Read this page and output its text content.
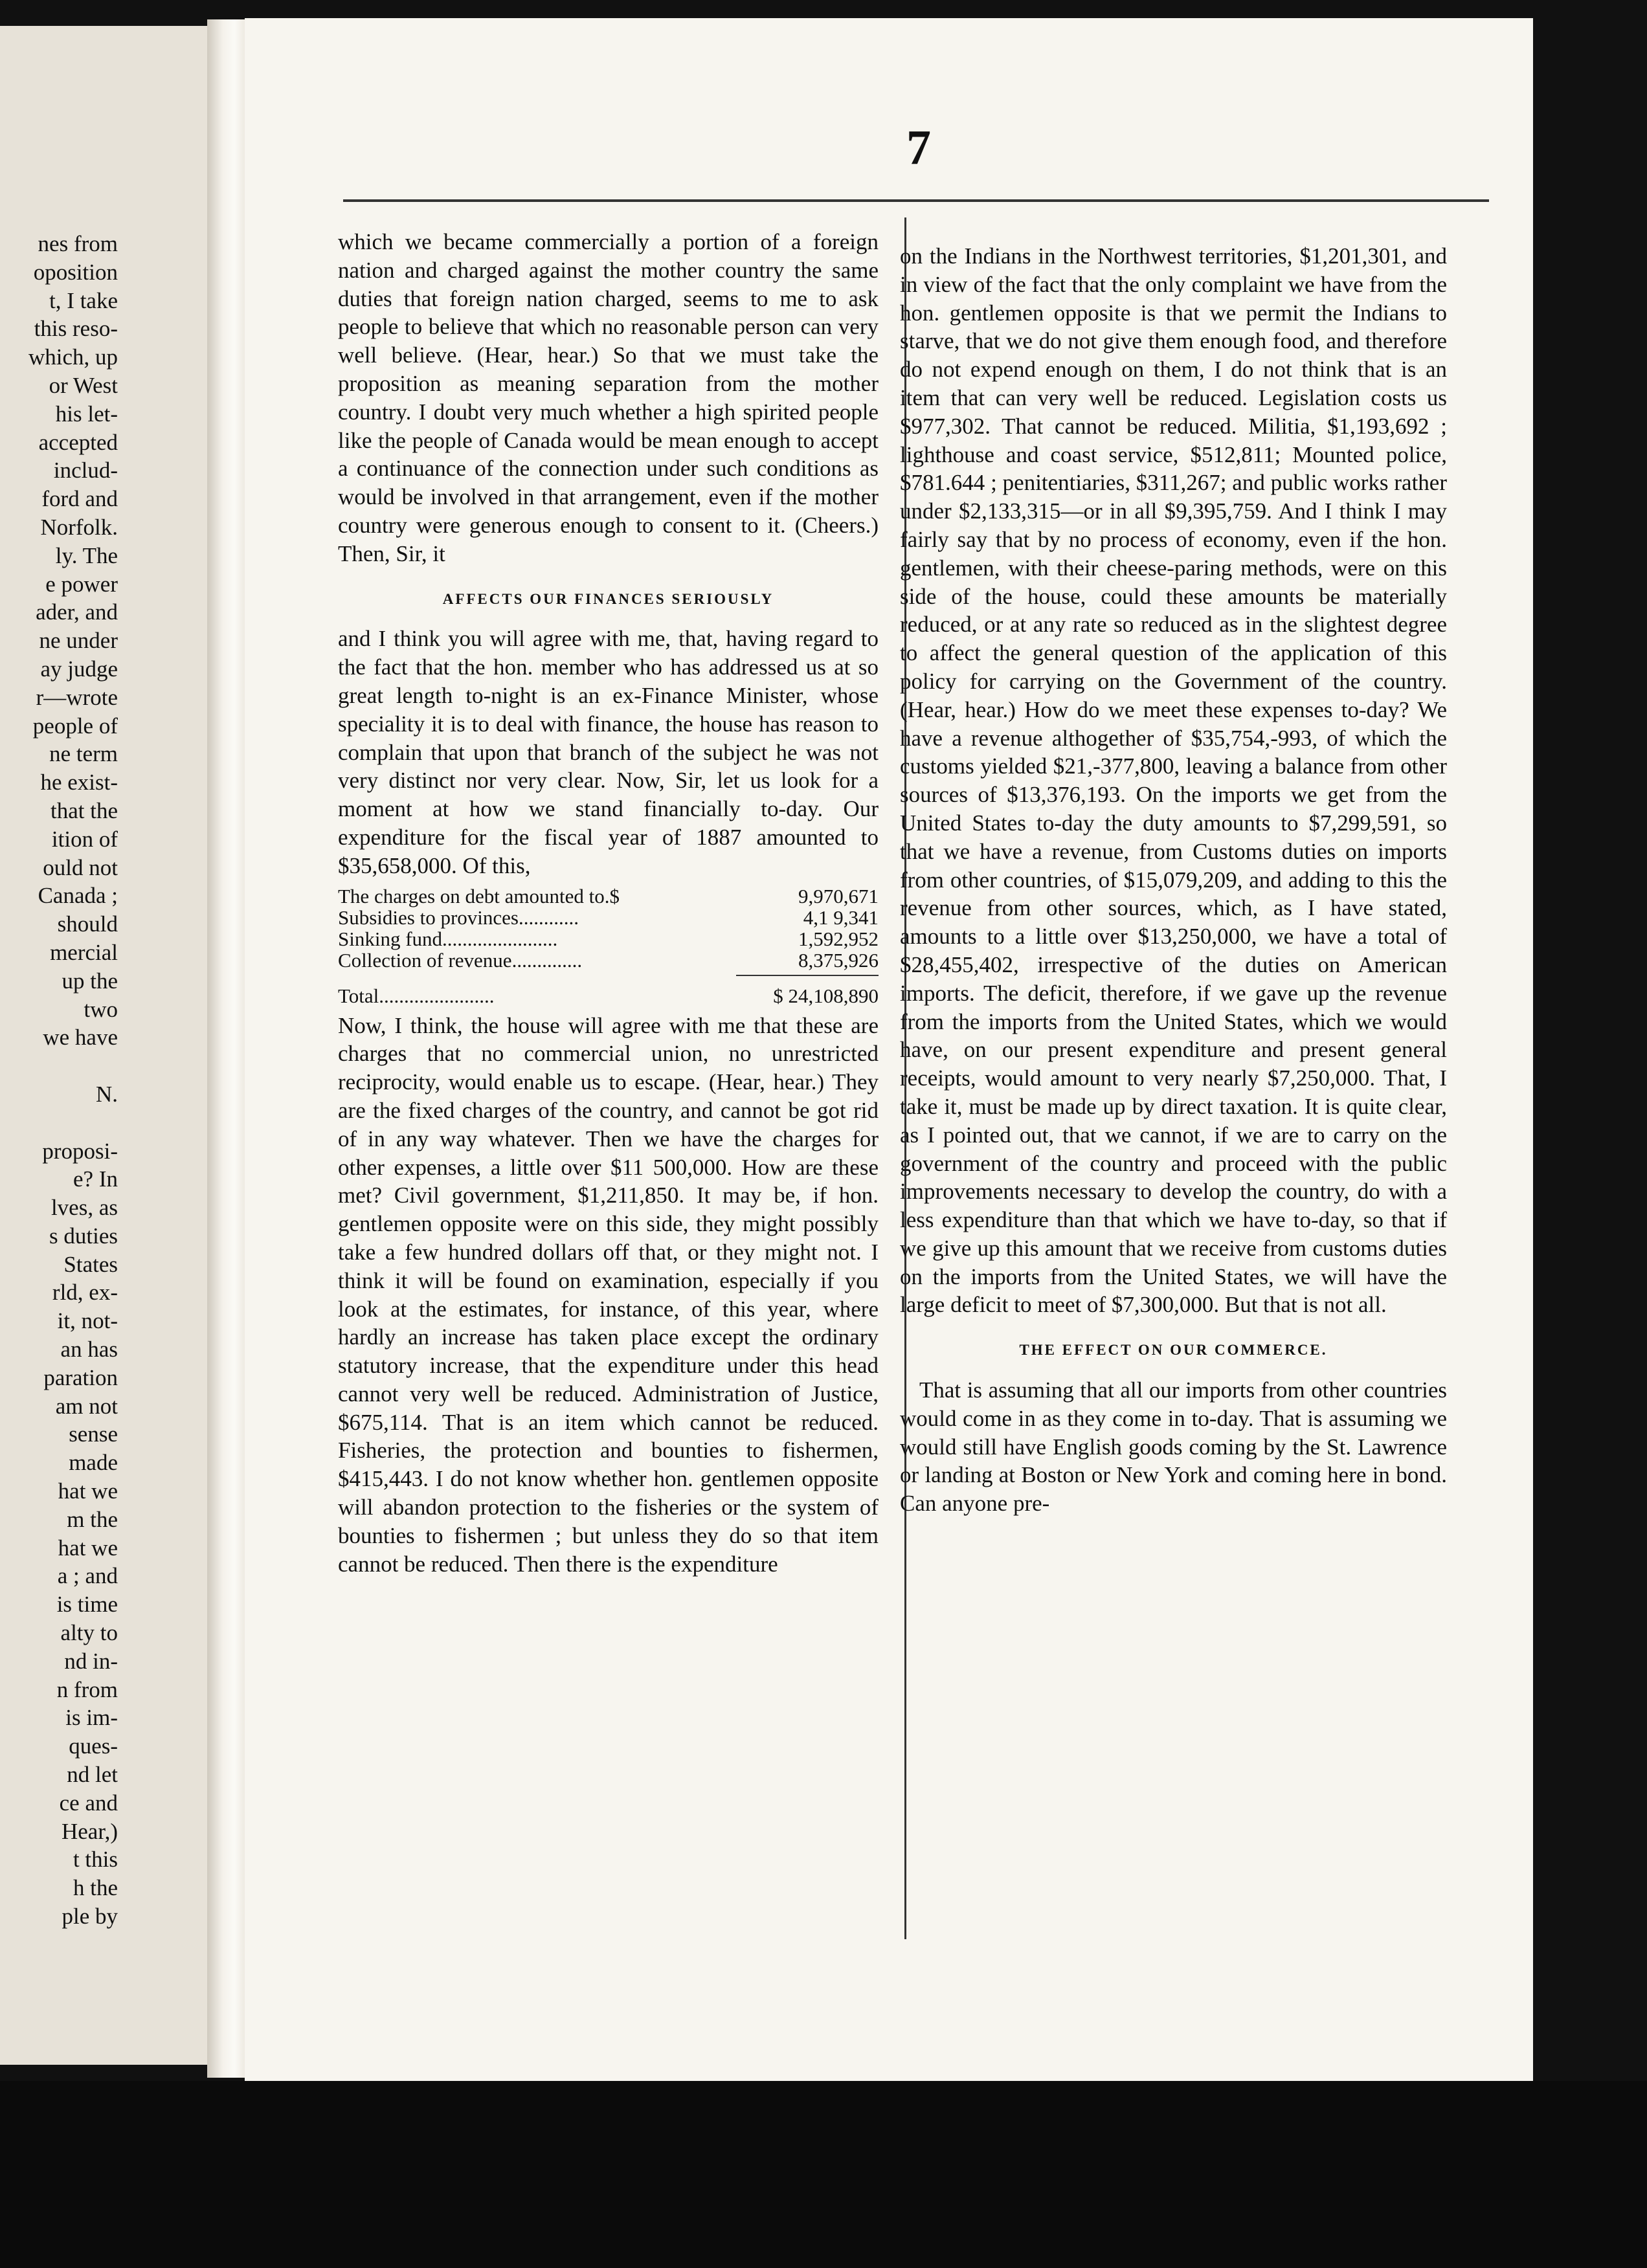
nes from
oposition
t, I take
this reso-
which, up
or West
his let-
accepted
includ-
ford and
Norfolk.
ly. The
e power
ader, and
ne under
ay judge
r—wrote
people of
ne term
he exist-
that the
ition of
ould not
Canada ;
should
mercial
up the
two
we have

N.

proposi-
e? In
lves, as
s duties
States
rld, ex-
it, not-
an has
paration
am not
sense
made
hat we
m the
hat we
a ; and
is time
alty to
nd in-
n from
is im-
ques-
nd let
ce and
Hear,)
t this
h the
ple by
7

which we became commercially a portion of a foreign nation and charged against the mother country the same duties that foreign nation charged, seems to me to ask people to believe that which no reasonable person can very well believe. (Hear, hear.) So that we must take the proposition as meaning separation from the mother country. I doubt very much whether a high spirited people like the people of Canada would be mean enough to accept a continuance of the connection under such conditions as would be involved in that arrangement, even if the mother country were generous enough to consent to it. (Cheers.) Then, Sir, it

AFFECTS OUR FINANCES SERIOUSLY

and I think you will agree with me, that, having regard to the fact that the hon. member who has addressed us at so great length to-night is an ex-Finance Minister, whose speciality it is to deal with finance, the house has reason to complain that upon that branch of the subject he was not very distinct nor very clear. Now, Sir, let us look for a moment at how we stand financially to-day. Our expenditure for the fiscal year of 1887 amounted to $35,658,000. Of this,

The charges on debt amounted to.$	9,970,671
Subsidies to provinces............	4,1 9,341
Sinking fund.......................	1,592,952
Collection of revenue..............	8,375,926
Total.......................	$ 24,108,890

Now, I think, the house will agree with me that these are charges that no commercial union, no unrestricted reciprocity, would enable us to escape. (Hear, hear.) They are the fixed charges of the country, and cannot be got rid of in any way whatever. Then we have the charges for other expenses, a little over $11 500,000. How are these met? Civil government, $1,211,850. It may be, if hon. gentlemen opposite were on this side, they might possibly take a few hundred dollars off that, or they might not. I think it will be found on examination, especially if you look at the estimates, for instance, of this year, where hardly an increase has taken place except the ordinary statutory increase, that the expenditure under this head cannot very well be reduced. Administration of Justice, $675,114. That is an item which cannot be reduced. Fisheries, the protection and bounties to fishermen, $415,443. I do not know whether hon. gentlemen opposite will abandon protection to the fisheries or the system of bounties to fishermen ; but unless they do so that item cannot be reduced. Then there is the expenditure

on the Indians in the Northwest territories, $1,201,301, and in view of the fact that the only complaint we have from the hon. gentlemen opposite is that we permit the Indians to starve, that we do not give them enough food, and therefore do not expend enough on them, I do not think that is an item that can very well be reduced. Legislation costs us $977,302. That cannot be reduced. Militia, $1,193,692 ; lighthouse and coast service, $512,811; Mounted police, $781.644 ; penitentiaries, $311,267; and public works rather under $2,133,315—or in all $9,395,759. And I think I may fairly say that by no process of economy, even if the hon. gentlemen, with their cheese-paring methods, were on this side of the house, could these amounts be materially reduced, or at any rate so reduced as in the slightest degree to affect the general question of the application of this policy for carrying on the Government of the country. (Hear, hear.) How do we meet these expenses to-day? We have a revenue althogether of $35,754,-993, of which the customs yielded $21,-377,800, leaving a balance from other sources of $13,376,193. On the imports we get from the United States to-day the duty amounts to $7,299,591, so that we have a revenue, from Customs duties on imports from other countries, of $15,079,209, and adding to this the revenue from other sources, which, as I have stated, amounts to a little over $13,250,000, we have a total of $28,455,402, irrespective of the duties on American imports. The deficit, therefore, if we gave up the revenue from the imports from the United States, which we would have, on our present expenditure and present general receipts, would amount to very nearly $7,250,000. That, I take it, must be made up by direct taxation. It is quite clear, as I pointed out, that we cannot, if we are to carry on the government of the country and proceed with the public improvements necessary to develop the country, do with a less expenditure than that which we have to-day, so that if we give up this amount that we receive from customs duties on the imports from the United States, we will have the large deficit to meet of $7,300,000. But that is not all.

THE EFFECT ON OUR COMMERCE.

That is assuming that all our imports from other countries would come in as they come in to-day. That is assuming we would still have English goods coming by the St. Lawrence or landing at Boston or New York and coming here in bond. Can anyone pre-
